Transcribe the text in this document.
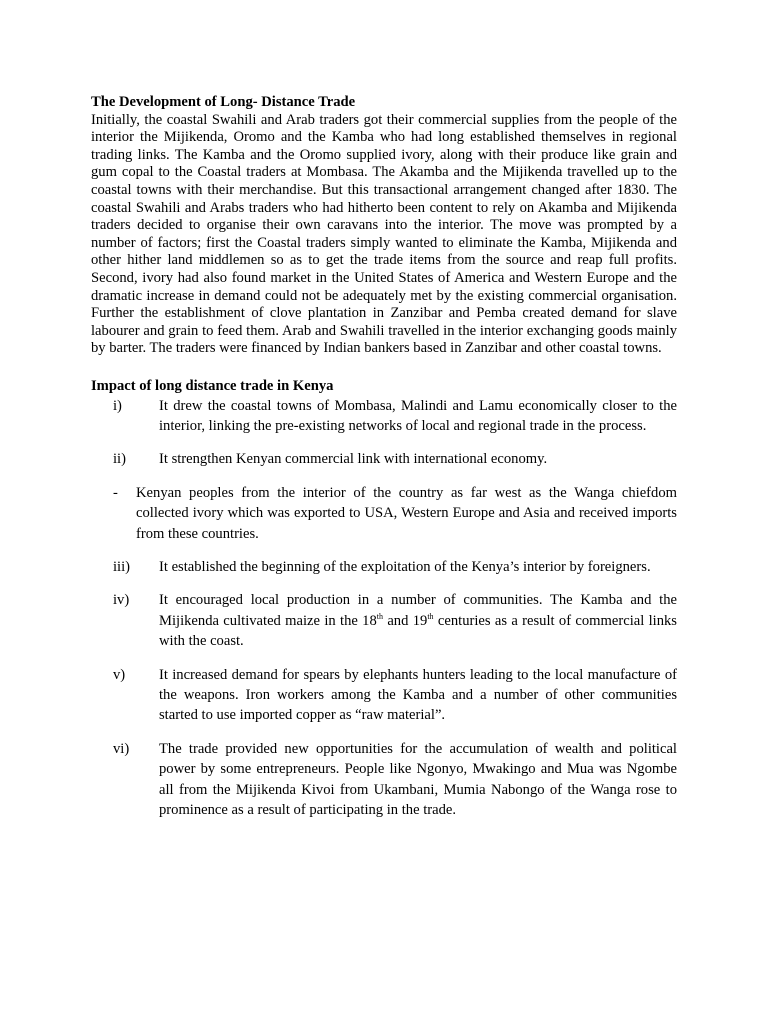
The Development of Long- Distance Trade

Initially, the coastal Swahili and Arab traders got their commercial supplies from the people of the interior the Mijikenda, Oromo and the Kamba who had long established themselves in regional trading links. The Kamba and the Oromo supplied ivory, along with their produce like grain and gum copal to the Coastal traders at Mombasa. The Akamba and the Mijikenda travelled up to the coastal towns with their merchandise. But this transactional arrangement changed after 1830. The coastal Swahili and Arabs traders who had hitherto been content to rely on Akamba and Mijikenda traders decided to organise their own caravans into the interior. The move was prompted by a number of factors; first the Coastal traders simply wanted to eliminate the Kamba, Mijikenda and other hither land middlemen so as to get the trade items from the source and reap full profits. Second, ivory had also found market in the United States of America and Western Europe and the dramatic increase in demand could not be adequately met by the existing commercial organisation. Further the establishment of clove plantation in Zanzibar and Pemba created demand for slave labourer and grain to feed them. Arab and Swahili travelled in the interior exchanging goods mainly by barter. The traders were financed by Indian bankers based in Zanzibar and other coastal towns.

Impact of long distance trade in Kenya

i)	It drew the coastal towns of Mombasa, Malindi and Lamu economically closer to the interior, linking the pre-existing networks of local and regional trade in the process.
ii) It strengthen Kenyan commercial link with international economy.
- Kenyan peoples from the interior of the country as far west as the Wanga chiefdom collected ivory which was exported to USA, Western Europe and Asia and received imports from these countries.
iii) It established the beginning of the exploitation of the Kenya’s interior by foreigners.
iv) It encouraged local production in a number of communities. The Kamba and the Mijikenda cultivated maize in the 18th and 19th centuries as a result of commercial links with the coast.
v) It increased demand for spears by elephants hunters leading to the local manufacture of the weapons. Iron workers among the Kamba and a number of other communities started to use imported copper as “raw material”.
vi) The trade provided new opportunities for the accumulation of wealth and political power by some entrepreneurs. People like Ngonyo, Mwakingo and Mua was Ngombe all from the Mijikenda Kivoi from Ukambani, Mumia Nabongo of the Wanga rose to prominence as a result of participating in the trade.
